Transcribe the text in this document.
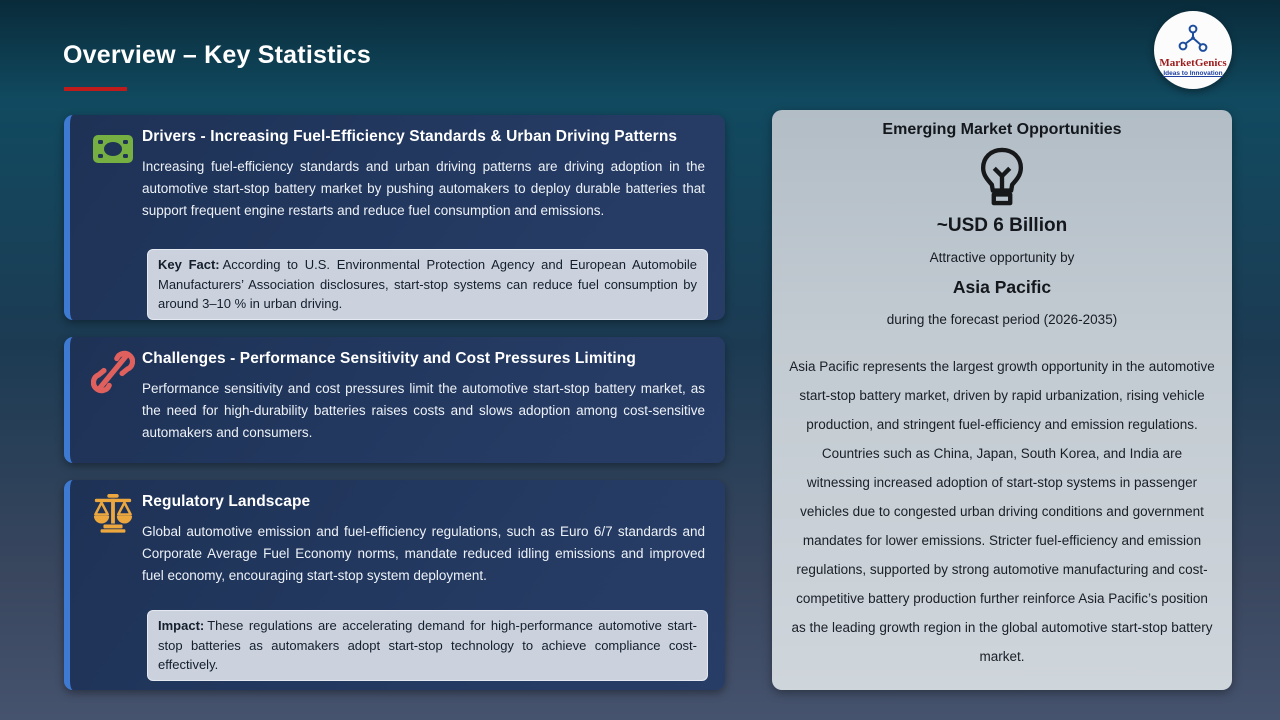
Overview – Key Statistics	MarketGenics
Ideas to Innovation
Drivers - Increasing Fuel-Efficiency Standards & Urban Driving Patterns
Increasing fuel-efficiency standards and urban driving patterns are driving adoption in the automotive start-stop battery market by pushing automakers to deploy durable batteries that support frequent engine restarts and reduce fuel consumption and emissions.
Key Fact: According to U.S. Environmental Protection Agency and European Automobile Manufacturers’ Association disclosures, start-stop systems can reduce fuel consumption by around 3–10 % in urban driving.
Challenges - Performance Sensitivity and Cost Pressures Limiting
Performance sensitivity and cost pressures limit the automotive start-stop battery market, as the need for high-durability batteries raises costs and slows adoption among cost-sensitive automakers and consumers.
Regulatory Landscape
Global automotive emission and fuel-efficiency regulations, such as Euro 6/7 standards and Corporate Average Fuel Economy norms, mandate reduced idling emissions and improved fuel economy, encouraging start-stop system deployment.
Impact: These regulations are accelerating demand for high-performance automotive start-stop batteries as automakers adopt start-stop technology to achieve compliance cost-effectively.
Emerging Market Opportunities
~USD 6 Billion
Attractive opportunity by
Asia Pacific
during the forecast period (2026-2035)
Asia Pacific represents the largest growth opportunity in the automotive start-stop battery market, driven by rapid urbanization, rising vehicle production, and stringent fuel-efficiency and emission regulations. Countries such as China, Japan, South Korea, and India are witnessing increased adoption of start-stop systems in passenger vehicles due to congested urban driving conditions and government mandates for lower emissions. Stricter fuel-efficiency and emission regulations, supported by strong automotive manufacturing and cost-competitive battery production further reinforce Asia Pacific’s position as the leading growth region in the global automotive start-stop battery market.
